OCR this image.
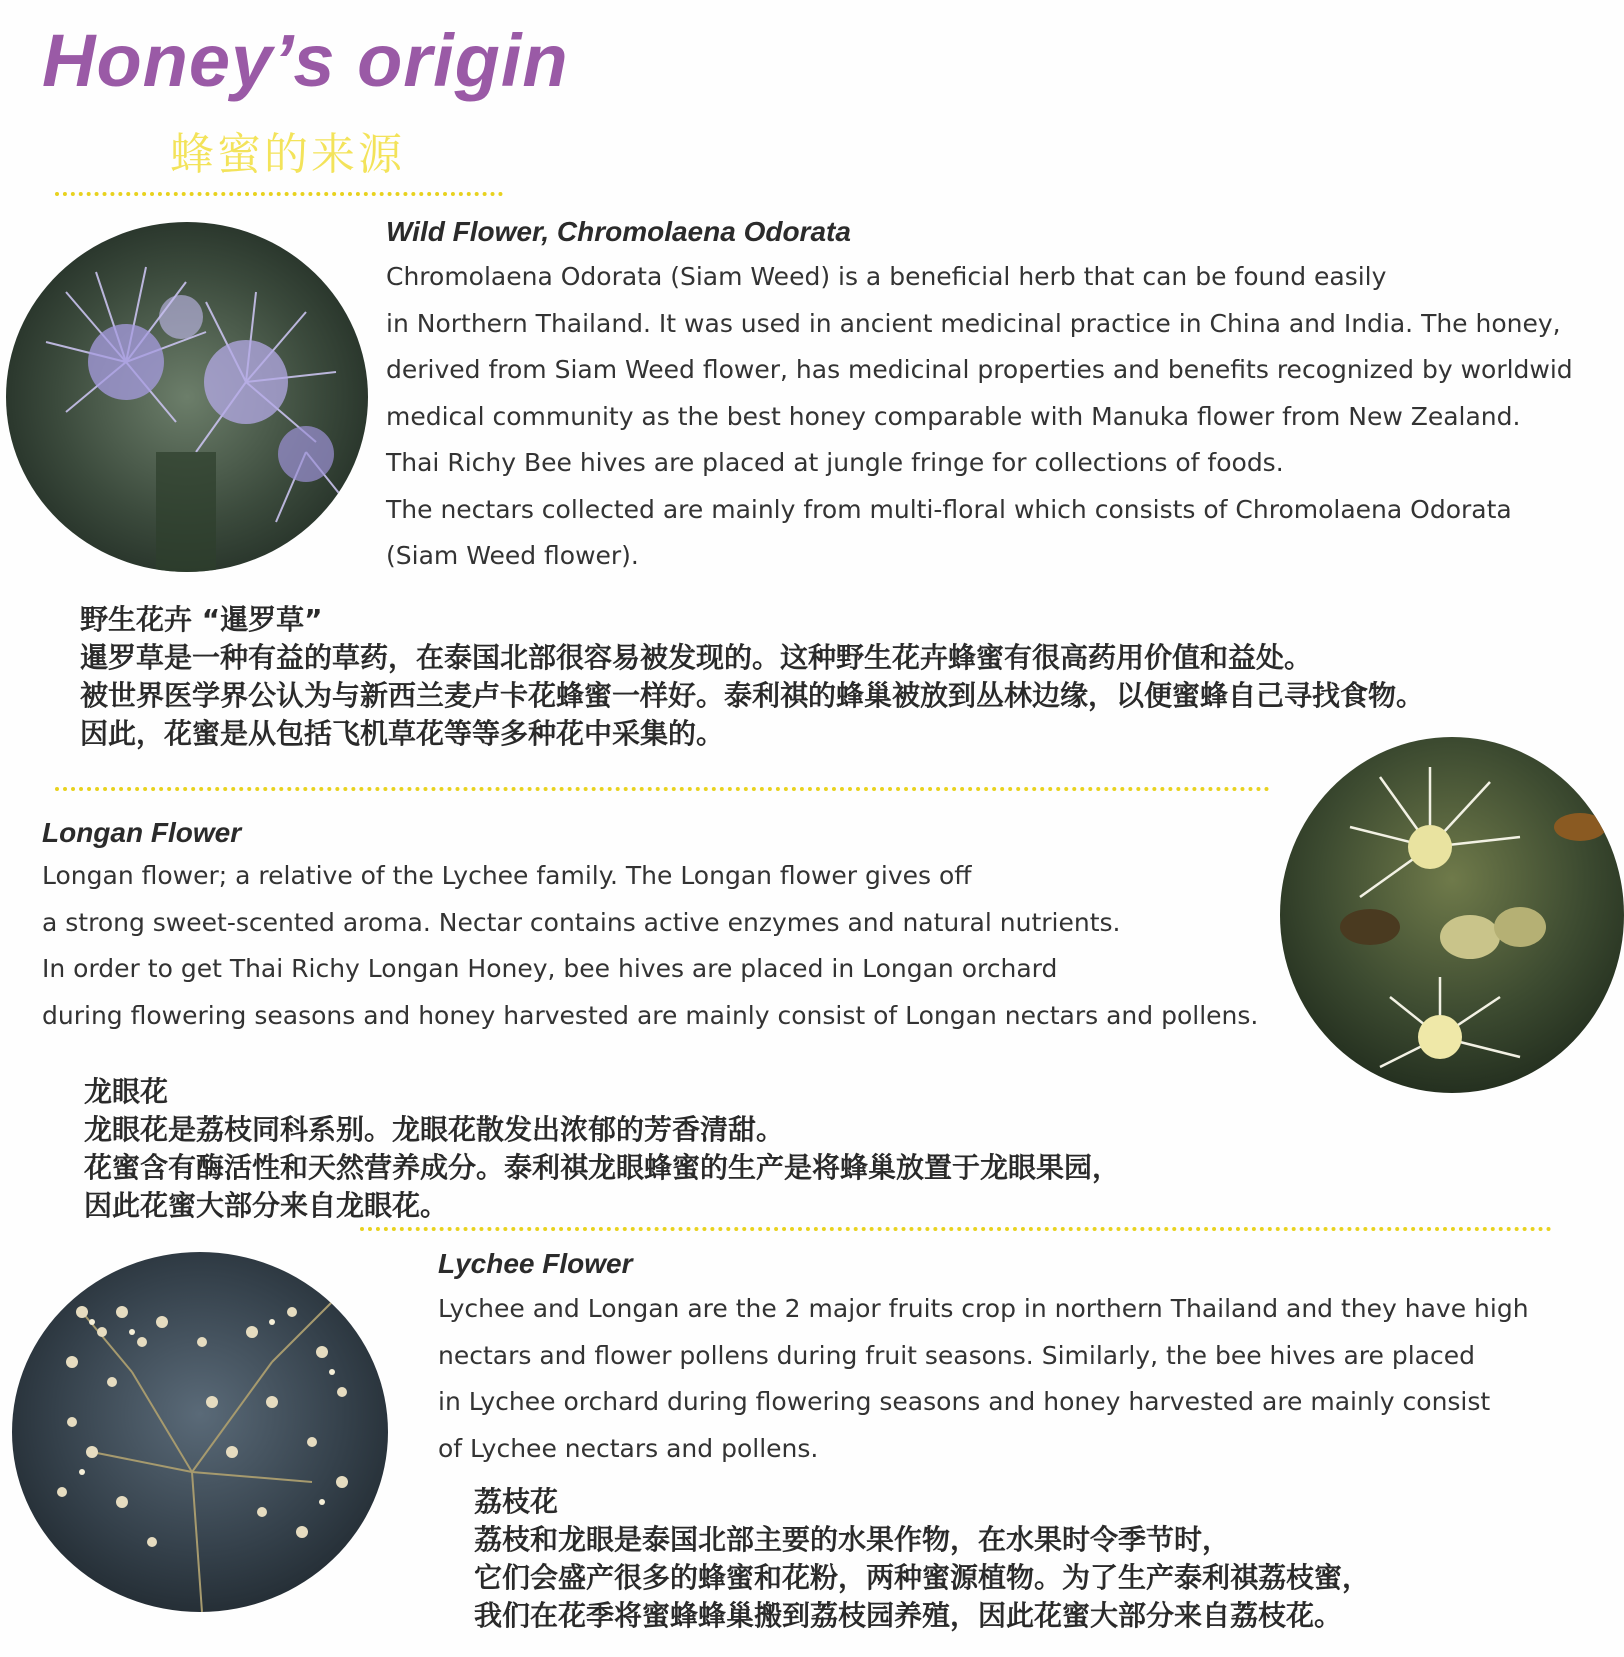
Honey’s origin
蜂蜜的来源
Wild Flower, Chromolaena Odorata

Chromolaena Odorata (Siam Weed) is a beneficial herb that can be found easily

in Northern Thailand. It was used in ancient medicinal practice in China and India. The honey,

derived from Siam Weed flower, has medicinal properties and benefits recognized by worldwid

medical community as the best honey comparable with Manuka flower from New Zealand.

Thai Richy Bee hives are placed at jungle fringe for collections of foods.

The nectars collected are mainly from multi-floral which consists of Chromolaena Odorata

(Siam Weed flower).

野生花卉 “暹罗草”

暹罗草是一种有益的草药，在泰国北部很容易被发现的。这种野生花卉蜂蜜有很高药用价值和益处。

被世界医学界公认为与新西兰麦卢卡花蜂蜜一样好。泰利祺的蜂巢被放到丛林边缘，以便蜜蜂自己寻找食物。

因此，花蜜是从包括飞机草花等等多种花中采集的。

Longan Flower

Longan flower; a relative of the Lychee family. The Longan flower gives off

a strong sweet-scented aroma. Nectar contains active enzymes and natural nutrients.

In order to get Thai Richy Longan Honey, bee hives are placed in Longan orchard

during flowering seasons and honey harvested are mainly consist of Longan nectars and pollens.

龙眼花

龙眼花是荔枝同科系别。龙眼花散发出浓郁的芳香清甜。

花蜜含有酶活性和天然营养成分。泰利祺龙眼蜂蜜的生产是将蜂巢放置于龙眼果园，

因此花蜜大部分来自龙眼花。

Lychee Flower

Lychee and Longan are the 2 major fruits crop in northern Thailand and they have high

nectars and flower pollens during fruit seasons. Similarly, the bee hives are placed

in Lychee orchard during flowering seasons and honey harvested are mainly consist

of Lychee nectars and pollens.

荔枝花

荔枝和龙眼是泰国北部主要的水果作物，在水果时令季节时，

它们会盛产很多的蜂蜜和花粉，两种蜜源植物。为了生产泰利祺荔枝蜜，

我们在花季将蜜蜂蜂巢搬到荔枝园养殖，因此花蜜大部分来自荔枝花。
